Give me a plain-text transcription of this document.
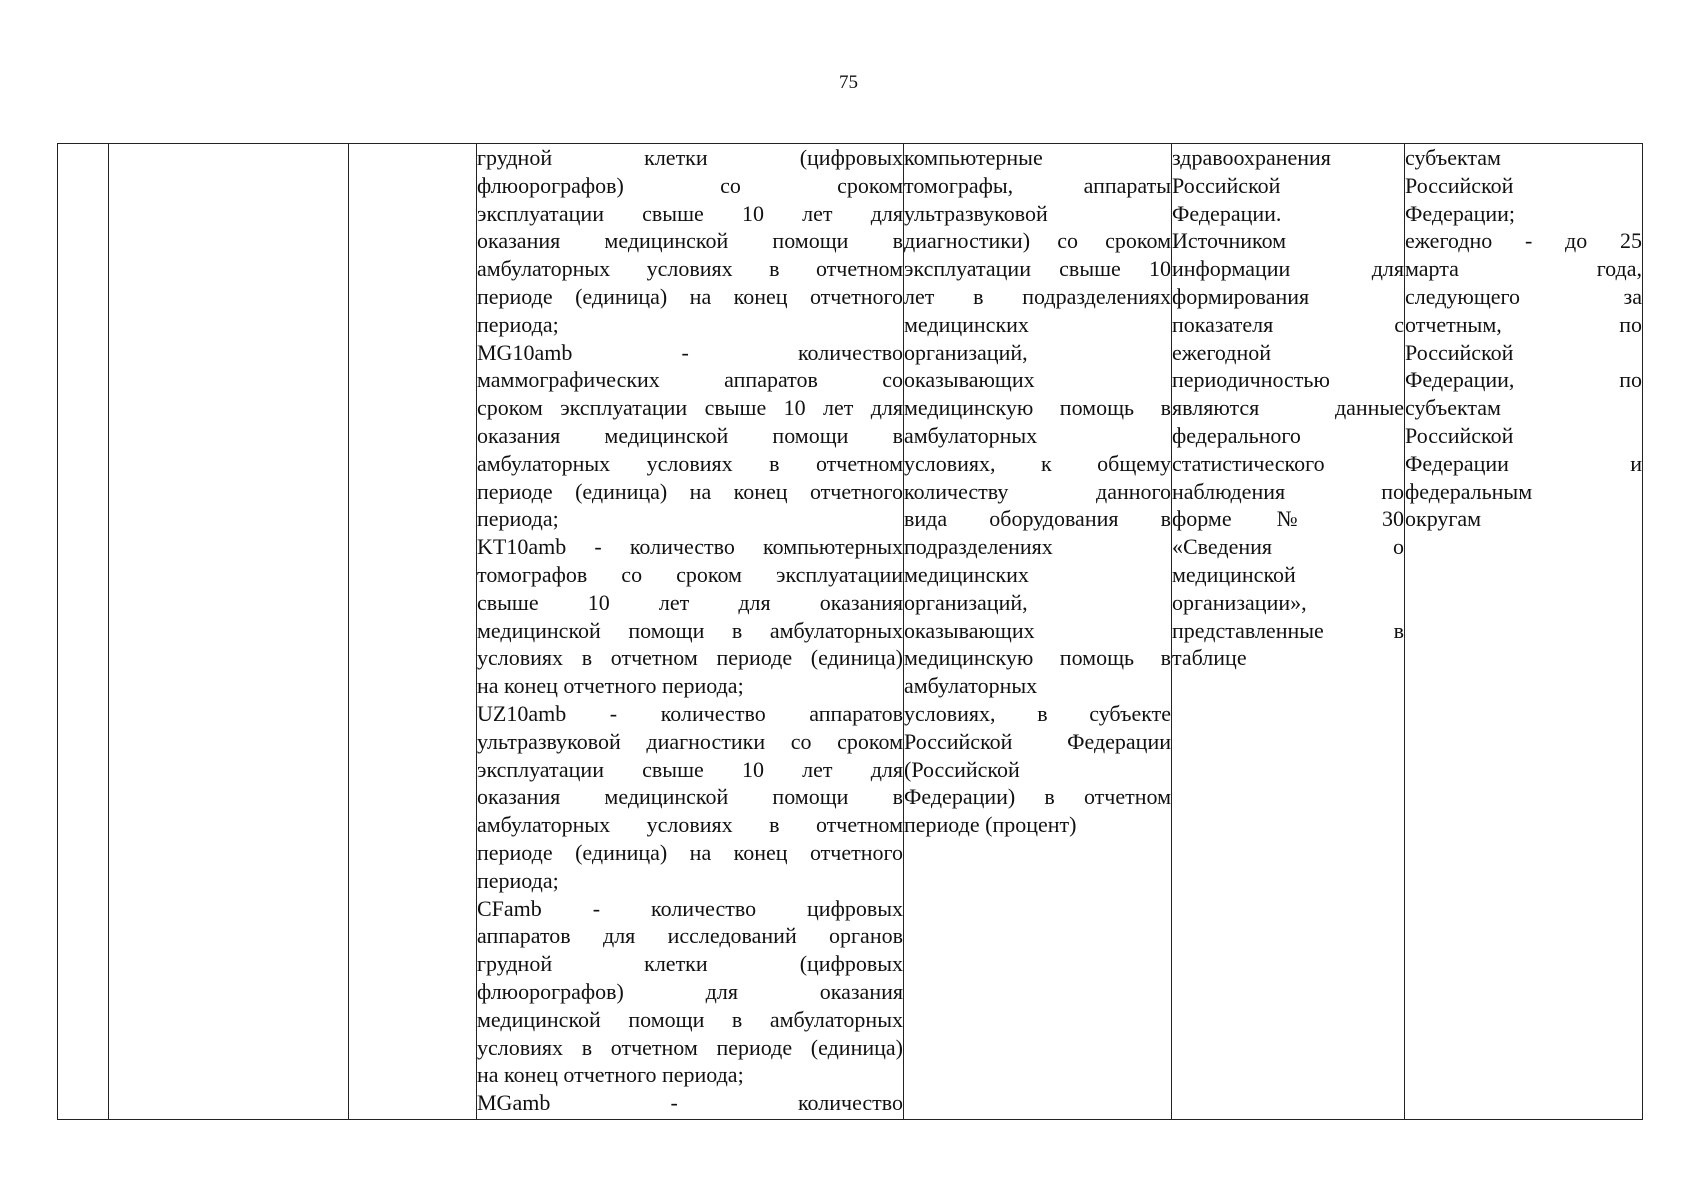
75

грудной клетки (цифровых
флюорографов) со сроком
эксплуатации свыше 10 лет для
оказания медицинской помощи в
амбулаторных условиях в отчетном
периоде (единица) на конец отчетного
периода;
MG10amb - количество
маммографических аппаратов со
сроком эксплуатации свыше 10 лет для
оказания медицинской помощи в
амбулаторных условиях в отчетном
периоде (единица) на конец отчетного
периода;
KT10amb - количество компьютерных
томографов со сроком эксплуатации
свыше 10 лет для оказания
медицинской помощи в амбулаторных
условиях в отчетном периоде (единица)
на конец отчетного периода;
UZ10amb - количество аппаратов
ультразвуковой диагностики со сроком
эксплуатации свыше 10 лет для
оказания медицинской помощи в
амбулаторных условиях в отчетном
периоде (единица) на конец отчетного
периода;
CFamb - количество цифровых
аппаратов для исследований органов
грудной клетки (цифровых
флюорографов) для оказания
медицинской помощи в амбулаторных
условиях в отчетном периоде (единица)
на конец отчетного периода;
MGamb - количество

компьютерные
томографы, аппараты
ультразвуковой
диагностики) со сроком
эксплуатации свыше 10
лет в подразделениях
медицинских
организаций,
оказывающих
медицинскую помощь в
амбулаторных
условиях, к общему
количеству данного
вида оборудования в
подразделениях
медицинских
организаций,
оказывающих
медицинскую помощь в
амбулаторных
условиях, в субъекте
Российской Федерации
(Российской
Федерации) в отчетном
периоде (процент)

здравоохранения
Российской
Федерации.
Источником
информации для
формирования
показателя с
ежегодной
периодичностью
являются данные
федерального
статистического
наблюдения по
форме № 30
«Сведения о
медицинской
организации»,
представленные в
таблице

субъектам
Российской
Федерации;
ежегодно - до 25
марта года,
следующего за
отчетным, по
Российской
Федерации, по
субъектам
Российской
Федерации и
федеральным
округам
